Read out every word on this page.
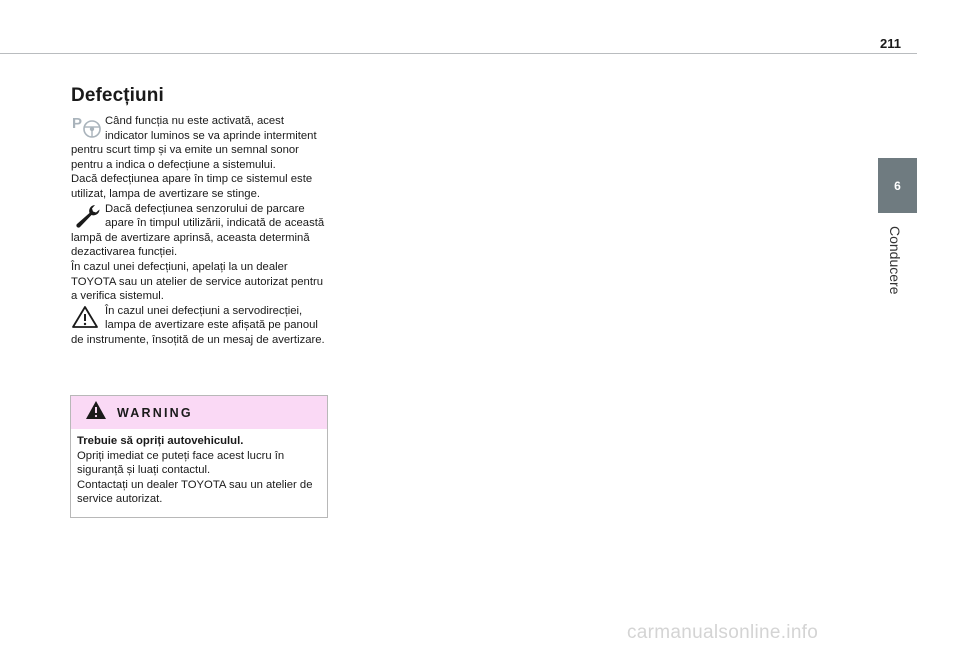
211
6
Conducere
Defecțiuni
P	Când funcția nu este activată, acest indicator luminos se va aprinde intermitent pentru scurt timp și va emite un semnal sonor pentru a indica o defecțiune a sistemului.

Dacă defecțiunea apare în timp ce sistemul este utilizat, lampa de avertizare se stinge.

Dacă defecțiunea senzorului de parcare apare în timpul utilizării, indicată de această lampă de avertizare aprinsă, aceasta determină dezactivarea funcției.

În cazul unei defecțiuni, apelați la un dealer TOYOTA sau un atelier de service autorizat pentru a verifica sistemul.

În cazul unei defecțiuni a servodirecției, lampa de avertizare este afișată pe panoul de instrumente, însoțită de un mesaj de avertizare.

WARNING
Trebuie să opriți autovehiculul.
Opriți imediat ce puteți face acest lucru în siguranță și luați contactul.
Contactați un dealer TOYOTA sau un atelier de service autorizat.
carmanualsonline.info
